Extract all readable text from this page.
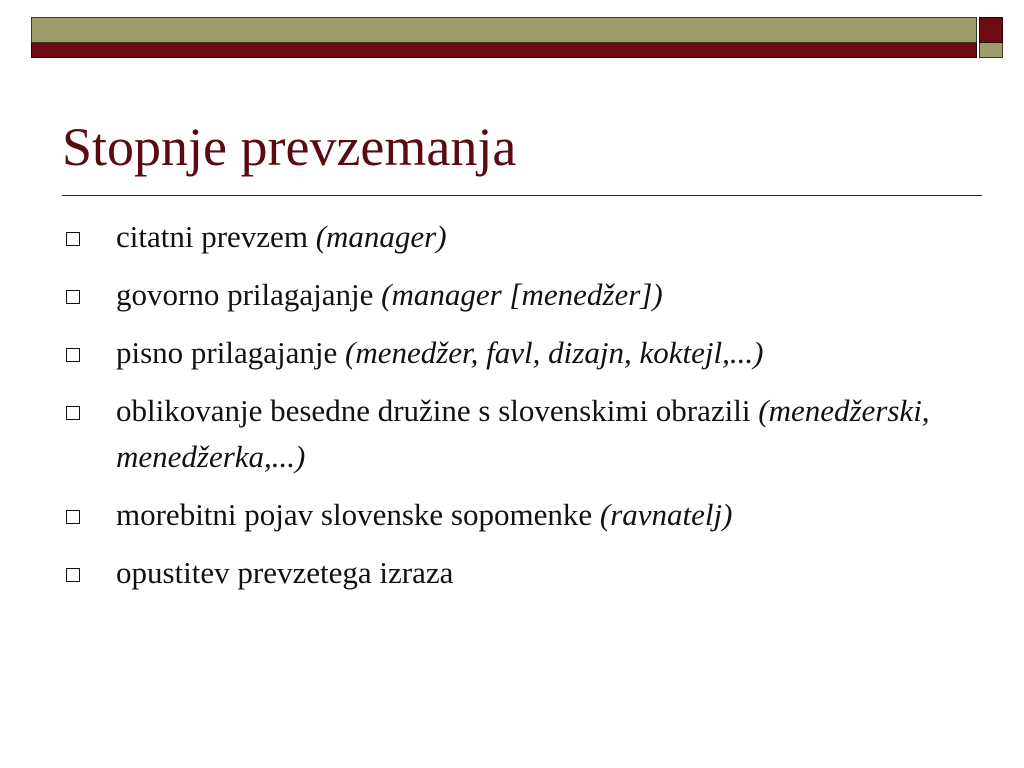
Stopnje prevzemanja
citatni prevzem (manager)
govorno prilagajanje (manager [menedžer])
pisno prilagajanje (menedžer, favl, dizajn, koktejl,...)
oblikovanje besedne družine s slovenskimi obrazili (menedžerski, menedžerka,...)
morebitni pojav slovenske sopomenke (ravnatelj)
opustitev prevzetega izraza
